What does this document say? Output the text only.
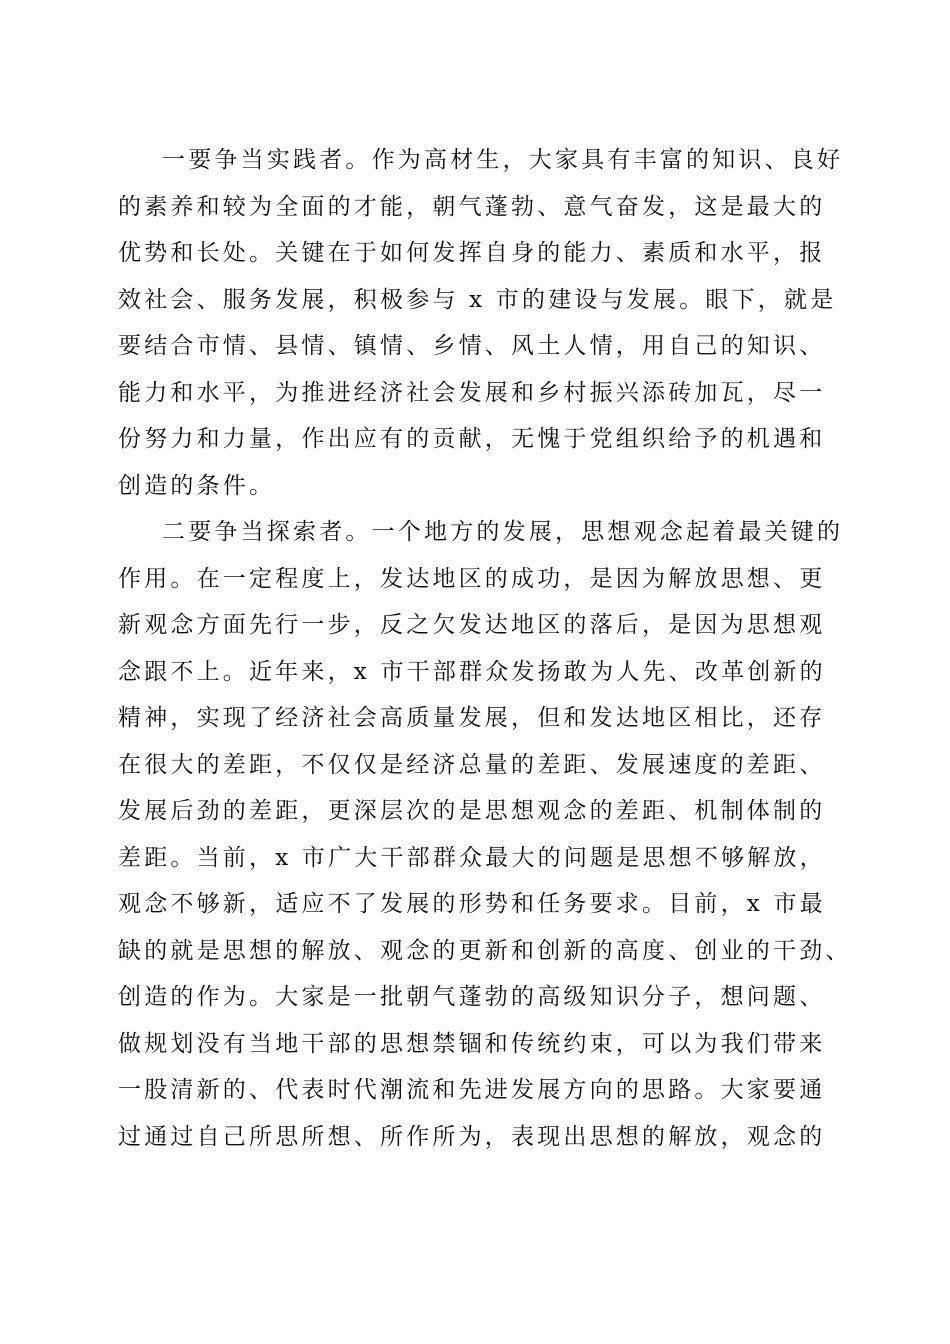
一要争当实践者。作为高材生，大家具有丰富的知识、良好
的素养和较为全面的才能，朝气蓬勃、意气奋发，这是最大的
优势和长处。关键在于如何发挥自身的能力、素质和水平，报
效社会、服务发展，积极参与 x 市的建设与发展。眼下，就是
要结合市情、县情、镇情、乡情、风土人情，用自己的知识、
能力和水平，为推进经济社会发展和乡村振兴添砖加瓦，尽一
份努力和力量，作出应有的贡献，无愧于党组织给予的机遇和
创造的条件。
二要争当探索者。一个地方的发展，思想观念起着最关键的
作用。在一定程度上，发达地区的成功，是因为解放思想、更
新观念方面先行一步，反之欠发达地区的落后，是因为思想观
念跟不上。近年来，x 市干部群众发扬敢为人先、改革创新的
精神，实现了经济社会高质量发展，但和发达地区相比，还存
在很大的差距，不仅仅是经济总量的差距、发展速度的差距、
发展后劲的差距，更深层次的是思想观念的差距、机制体制的
差距。当前，x 市广大干部群众最大的问题是思想不够解放，
观念不够新，适应不了发展的形势和任务要求。目前，x 市最
缺的就是思想的解放、观念的更新和创新的高度、创业的干劲、
创造的作为。大家是一批朝气蓬勃的高级知识分子，想问题、
做规划没有当地干部的思想禁锢和传统约束，可以为我们带来
一股清新的、代表时代潮流和先进发展方向的思路。大家要通
过通过自己所思所想、所作所为，表现出思想的解放，观念的
